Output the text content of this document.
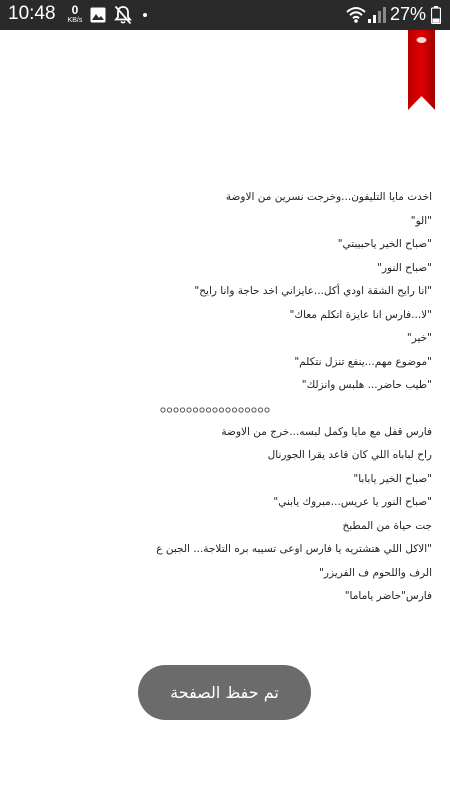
10:48	0
KB/s	27%
اخدت مايا التليفون...وخرجت نسرين من الاوضة
"الو"
"صباح الخير ياحبيبتي"
"صباح النور"
"انا رايح الشقة اودي أكل...عايزاني اخد حاجة وانا رايح"
"لا...فارس انا عايزة اتكلم معاك"
"خير"
"موضوع مهم...ينفع تنزل نتكلم"
"طيب حاضر... هلبس وانزلك"
فارس قفل مع مايا وكمل لبسه...خرج من الاوضة
راح لباباه اللي كان قاعد يقرا الجورنال
"صباح الخير يابابا"
"صباح النور يا عريس...مبروك يابني"
جت حياة من المطبخ
"الاكل اللي هتشتريه يا فارس اوعى تسيبه بره التلاجة... الجبن ع
الرف واللحوم ف الفريزر"
فارس"حاضر ياماما"
تم حفظ الصفحة
